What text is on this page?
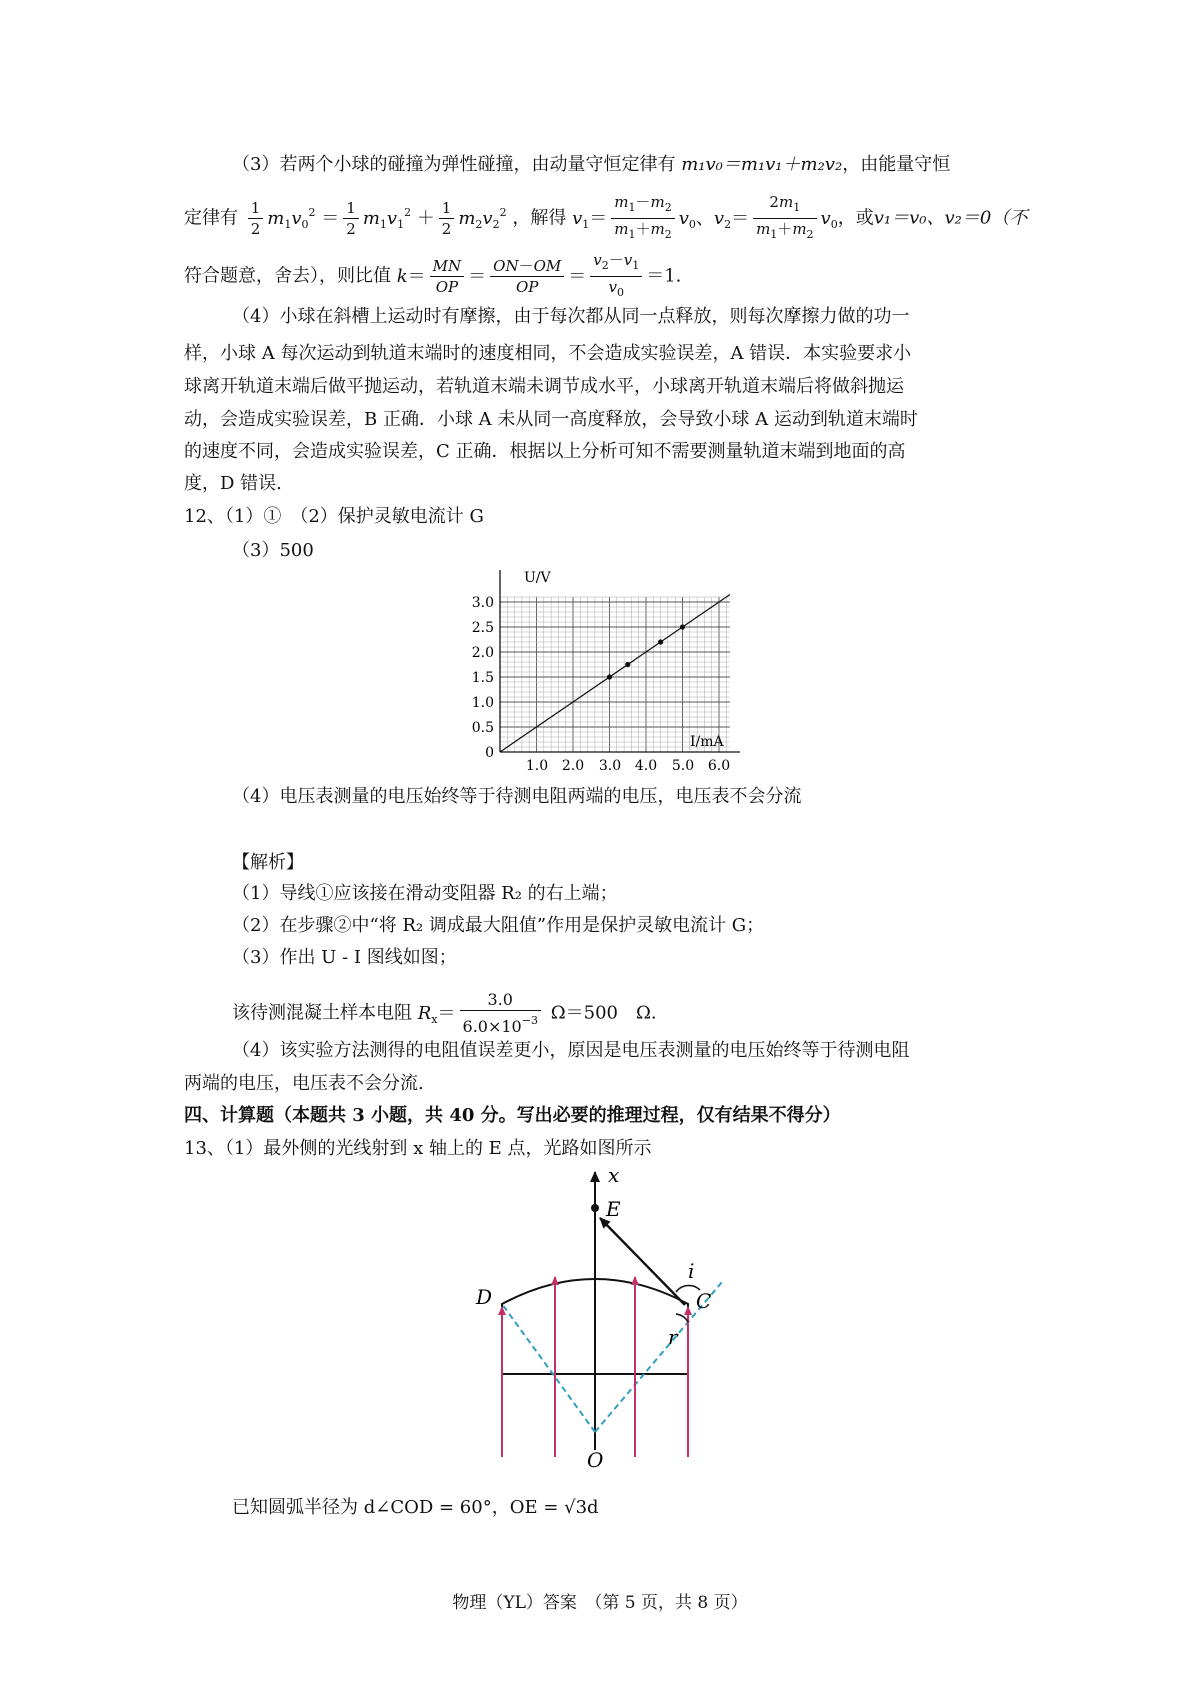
（3）若两个小球的碰撞为弹性碰撞，由动量守恒定律有 m₁v₀＝m₁v₁＋m₂v₂，由能量守恒
定律有 $\frac{1}{2} m_1v_0^2 = \frac{1}{2} m_1v_1^2 + \frac{1}{2} m_2v_2^2$ ，解得 $v_1= \frac{m_1-m_2}{m_1+m_2} v_0$、$v_2= \frac{2m_1}{m_1+m_2} v_0$，或v₁＝v₀、v₂＝0（不
符合题意，舍去），则比值 $k= \frac{MN}{OP} = \frac{ON-OM}{OP} = \frac{v_2-v_1}{v_0} =1$.
（4）小球在斜槽上运动时有摩擦，由于每次都从同一点释放，则每次摩擦力做的功一
样，小球 A 每次运动到轨道末端时的速度相同，不会造成实验误差，A 错误．本实验要求小
球离开轨道末端后做平抛运动，若轨道末端未调节成水平，小球离开轨道末端后将做斜抛运
动，会造成实验误差，B 正确．小球 A 未从同一高度释放，会导致小球 A 运动到轨道末端时
的速度不同，会造成实验误差，C 正确．根据以上分析可知不需要测量轨道末端到地面的高
度，D 错误.
12、（1）①　（2）保护灵敏电流计 G
（3）500
U/V
I/mA
0
0.5
1.0
1.5
2.0
2.5
3.0
1.0 2.0 3.0 4.0 5.0 6.0
（4）电压表测量的电压始终等于待测电阻两端的电压，电压表不会分流
【解析】
（1）导线①应该接在滑动变阻器 R₂ 的右上端；
（2）在步骤②中“将 R₂ 调成最大阻值”作用是保护灵敏电流计 G；
（3）作出 U - I 图线如图；
该待测混凝土样本电阻 $R_x= \frac{3.0}{6.0\times 10^{-3}} \Omega=500$　Ω.
（4）该实验方法测得的电阻值误差更小，原因是电压表测量的电压始终等于待测电阻
两端的电压，电压表不会分流.
四、计算题（本题共 3 小题，共 40 分。写出必要的推理过程，仅有结果不得分）
13、（1）最外侧的光线射到 x 轴上的 E 点，光路如图所示
x
E
D	C
i
r
O
已知圆弧半径为 d∠COD = 60°，OE = √3d
物理（YL）答案　（第 5 页，共 8 页）
